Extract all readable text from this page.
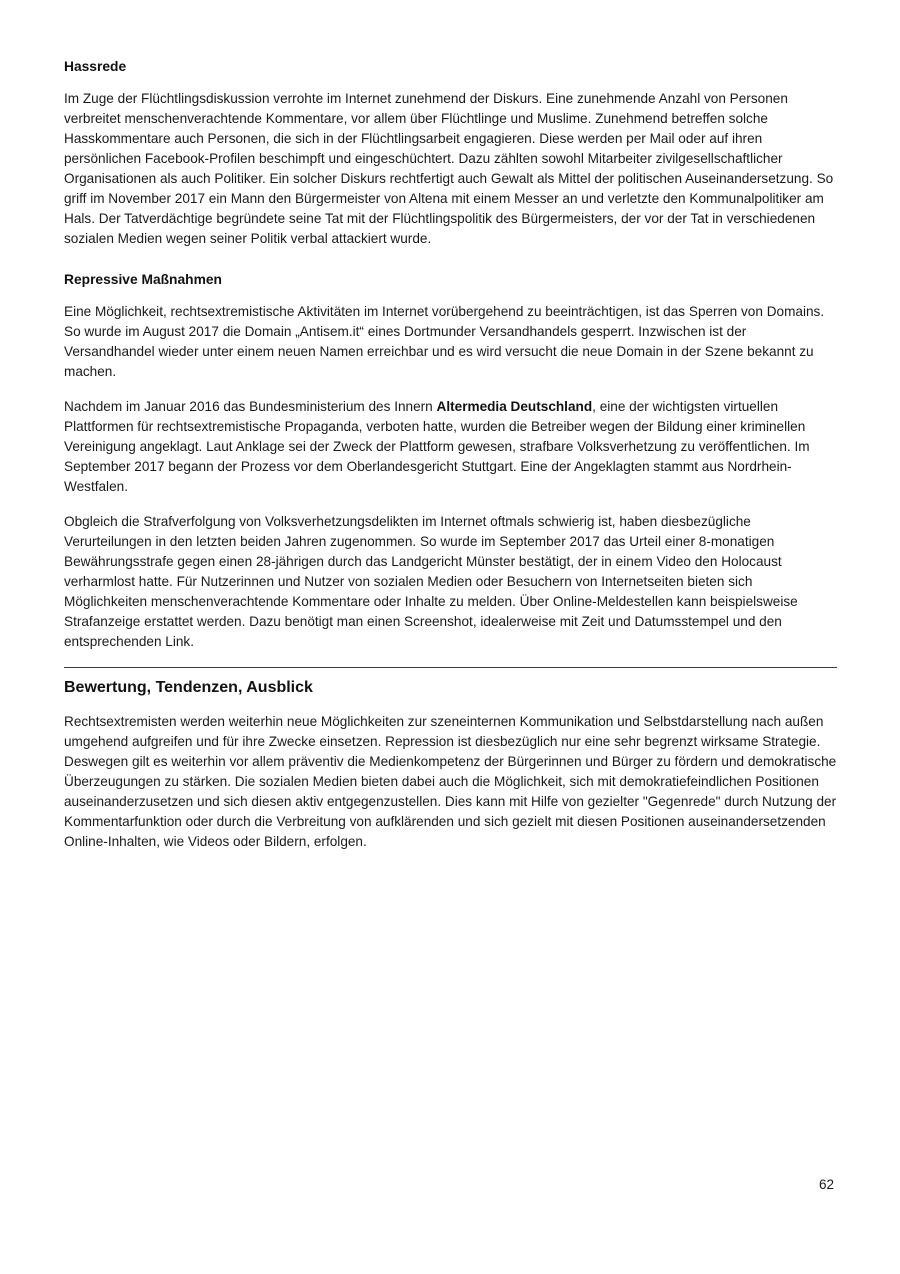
Hassrede

Im Zuge der Flüchtlingsdiskussion verrohte im Internet zunehmend der Diskurs. Eine zunehmende Anzahl von Personen verbreitet menschenverachtende Kommentare, vor allem über Flüchtlinge und Muslime. Zunehmend betreffen solche Hasskommentare auch Personen, die sich in der Flüchtlingsarbeit engagieren. Diese werden per Mail oder auf ihren persönlichen Facebook-Profilen beschimpft und eingeschüchtert. Dazu zählten sowohl Mitarbeiter zivilgesellschaftlicher Organisationen als auch Politiker. Ein solcher Diskurs rechtfertigt auch Gewalt als Mittel der politischen Auseinandersetzung. So griff im November 2017 ein Mann den Bürgermeister von Altena mit einem Messer an und verletzte den Kommunalpolitiker am Hals. Der Tatverdächtige begründete seine Tat mit der Flüchtlingspolitik des Bürgermeisters, der vor der Tat in verschiedenen sozialen Medien wegen seiner Politik verbal attackiert wurde.

Repressive Maßnahmen

Eine Möglichkeit, rechtsextremistische Aktivitäten im Internet vorübergehend zu beeinträchtigen, ist das Sperren von Domains. So wurde im August 2017 die Domain „Antisem.it“ eines Dortmunder Versandhandels gesperrt. Inzwischen ist der Versandhandel wieder unter einem neuen Namen erreichbar und es wird versucht die neue Domain in der Szene bekannt zu machen.

Nachdem im Januar 2016 das Bundesministerium des Innern Altermedia Deutschland, eine der wichtigsten virtuellen Plattformen für rechtsextremistische Propaganda, verboten hatte, wurden die Betreiber wegen der Bildung einer kriminellen Vereinigung angeklagt. Laut Anklage sei der Zweck der Plattform gewesen, strafbare Volksverhetzung zu veröffentlichen. Im September 2017 begann der Prozess vor dem Oberlandesgericht Stuttgart. Eine der Angeklagten stammt aus Nordrhein-Westfalen.

Obgleich die Strafverfolgung von Volksverhetzungsdelikten im Internet oftmals schwierig ist, haben diesbezügliche Verurteilungen in den letzten beiden Jahren zugenommen. So wurde im September 2017 das Urteil einer 8-monatigen Bewährungsstrafe gegen einen 28-jährigen durch das Landgericht Münster bestätigt, der in einem Video den Holocaust verharmlost hatte. Für Nutzerinnen und Nutzer von sozialen Medien oder Besuchern von Internetseiten bieten sich Möglichkeiten menschenverachtende Kommentare oder Inhalte zu melden. Über Online-Meldestellen kann beispielsweise Strafanzeige erstattet werden. Dazu benötigt man einen Screenshot, idealerweise mit Zeit und Datumsstempel und den entsprechenden Link.

Bewertung, Tendenzen, Ausblick

Rechtsextremisten werden weiterhin neue Möglichkeiten zur szeneinternen Kommunikation und Selbstdarstellung nach außen umgehend aufgreifen und für ihre Zwecke einsetzen. Repression ist diesbezüglich nur eine sehr begrenzt wirksame Strategie. Deswegen gilt es weiterhin vor allem präventiv die Medienkompetenz der Bürgerinnen und Bürger zu fördern und demokratische Überzeugungen zu stärken. Die sozialen Medien bieten dabei auch die Möglichkeit, sich mit demokratiefeindlichen Positionen auseinanderzusetzen und sich diesen aktiv entgegenzustellen. Dies kann mit Hilfe von gezielter "Gegenrede" durch Nutzung der Kommentarfunktion oder durch die Verbreitung von aufklärenden und sich gezielt mit diesen Positionen auseinandersetzenden Online-Inhalten, wie Videos oder Bildern, erfolgen.

62
